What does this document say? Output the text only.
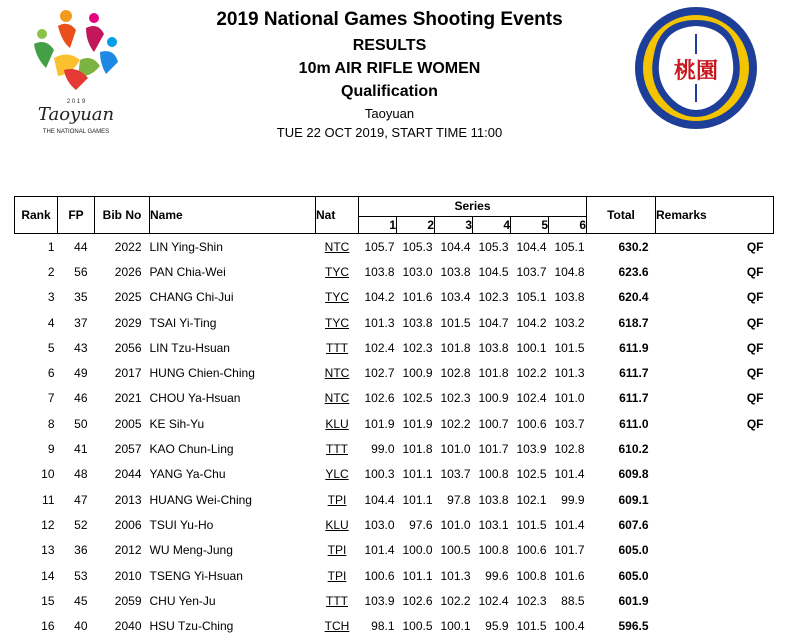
2 0 1 9
Taoyuan
THE NATIONAL GAMES
桃園
2019 National Games Shooting Events
RESULTS
10m AIR RIFLE WOMEN
Qualification
Taoyuan
TUE 22 OCT 2019, START TIME 11:00
Rank	FP	Bib No	Name	Nat	Series						Total	Remarks
					1	2	3	4	5	6		
1	44	2022	LIN Ying-Shin	NTC	105.7	105.3	104.4	105.3	104.4	105.1	630.2	QF
2	56	2026	PAN Chia-Wei	TYC	103.8	103.0	103.8	104.5	103.7	104.8	623.6	QF
3	35	2025	CHANG Chi-Jui	TYC	104.2	101.6	103.4	102.3	105.1	103.8	620.4	QF
4	37	2029	TSAI Yi-Ting	TYC	101.3	103.8	101.5	104.7	104.2	103.2	618.7	QF
5	43	2056	LIN Tzu-Hsuan	TTT	102.4	102.3	101.8	103.8	100.1	101.5	611.9	QF
6	49	2017	HUNG Chien-Ching	NTC	102.7	100.9	102.8	101.8	102.2	101.3	611.7	QF
7	46	2021	CHOU Ya-Hsuan	NTC	102.6	102.5	102.3	100.9	102.4	101.0	611.7	QF
8	50	2005	KE Sih-Yu	KLU	101.9	101.9	102.2	100.7	100.6	103.7	611.0	QF
9	41	2057	KAO Chun-Ling	TTT	99.0	101.8	101.0	101.7	103.9	102.8	610.2	
10	48	2044	YANG Ya-Chu	YLC	100.3	101.1	103.7	100.8	102.5	101.4	609.8	
11	47	2013	HUANG Wei-Ching	TPI	104.4	101.1	97.8	103.8	102.1	99.9	609.1	
12	52	2006	TSUI Yu-Ho	KLU	103.0	97.6	101.0	103.1	101.5	101.4	607.6	
13	36	2012	WU Meng-Jung	TPI	101.4	100.0	100.5	100.8	100.6	101.7	605.0	
14	53	2010	TSENG Yi-Hsuan	TPI	100.6	101.1	101.3	99.6	100.8	101.6	605.0	
15	45	2059	CHU Yen-Ju	TTT	103.9	102.6	102.2	102.4	102.3	88.5	601.9	
16	40	2040	HSU Tzu-Ching	TCH	98.1	100.5	100.1	95.9	101.5	100.4	596.5	
